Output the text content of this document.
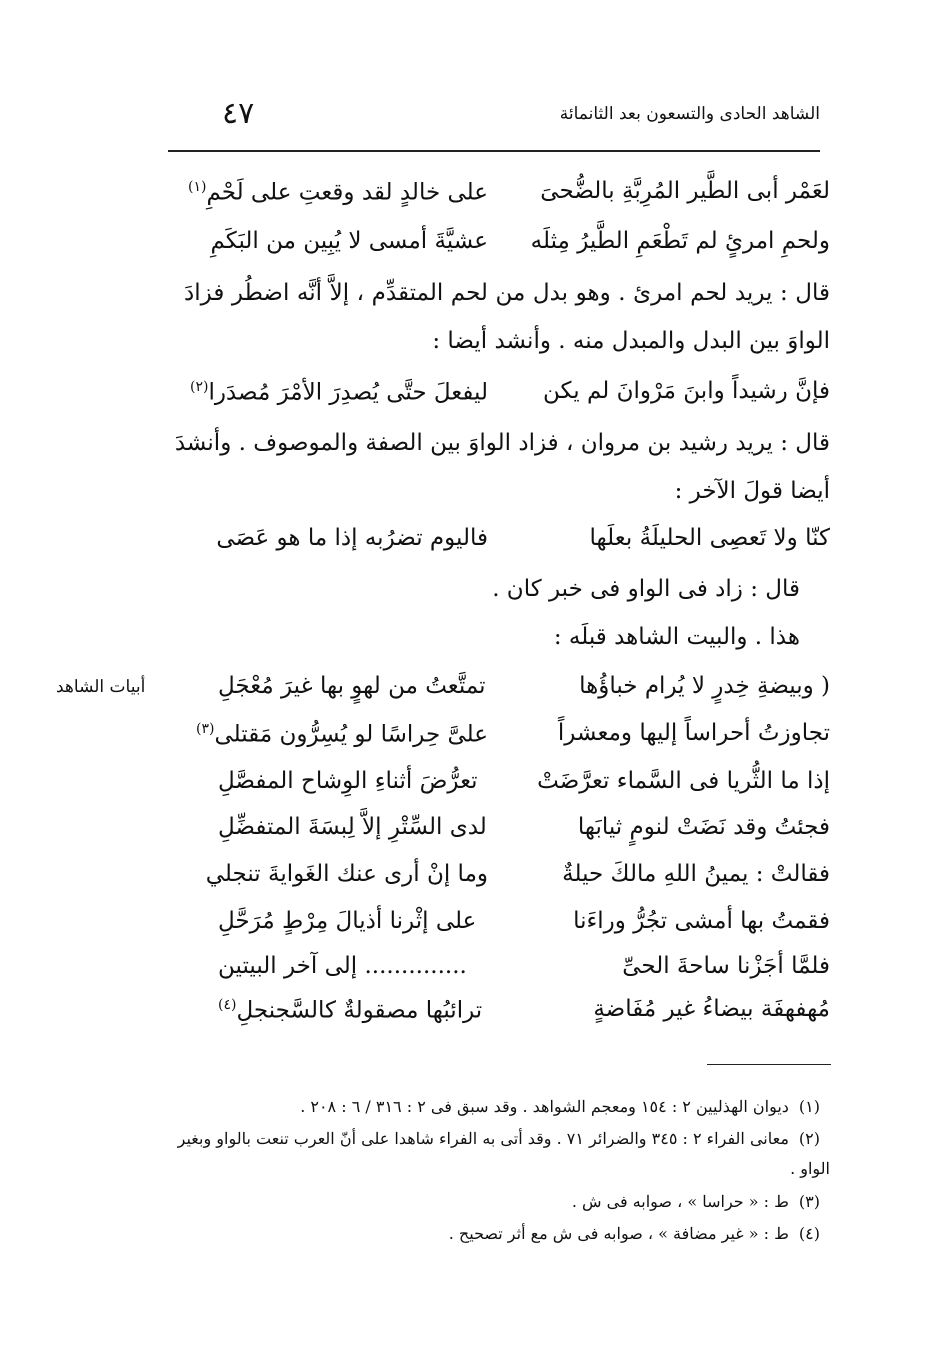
الشاهد الحادى والتسعون بعد الثانمائة
٤٧
لعَمْر أبى الطَّير المُرِبَّةِ بالضُّحىَ
على خالدٍ لقد وقعتِ على لَحْمِ$^{(١)}$
ولحمِ امرئٍ لم تَطْعَمِ الطَّيرُ مِثلَه
عشيَّةَ أمسى لا يُبِين من البَكَمِ
قال : يريد لحم امرئ . وهو بدل من لحم المتقدِّم ، إلاَّ أنَّه اضطُر فزادَ
الواوَ بين البدل والمبدل منه . وأنشد أيضا :
فإنَّ رشيداً وابنَ مَرْوانَ لم يكن
ليفعلَ حتَّى يُصدِرَ الأمْرَ مُصدَرا$^{(٢)}$
قال : يريد رشيد بن مروان ، فزاد الواوَ بين الصفة والموصوف . وأنشدَ
أيضا قولَ الآخر :
كنّا ولا تَعصِى الحليلَةُ بعلَها
فاليوم تضرُبه إذا ما هو عَصَى
قال : زاد فى الواو فى خبر كان .
هذا . والبيت الشاهد قبلَه :
أبيات الشاهد	( وبيضةِ خِدرٍ لا يُرام خباؤُها
تمتَّعتُ من لهوٍ بها غيرَ مُعْجَلِ
تجاوزتُ أحراساً إليها ومعشراً
علىَّ حِراسًا لو يُسِرُّون مَقتلى$^{(٣)}$
إذا ما الثُّريا فى السَّماء تعرَّضَتْ
تعرُّضَ أثناءِ الوِشاح المفصَّلِ
فجئتُ وقد نَضَتْ لنومٍ ثيابَها
لدى السِّتْرِ إلاَّ لِبسَةَ المتفضِّلِ
فقالتْ : يمينُ اللهِ مالكَ حيلةٌ
وما إنْ أرى عنك الغَوايةَ تنجلي
فقمتُ بها أمشى تجُرُّ وراءَنا
على إثْرنا أذيالَ مِرْطٍ مُرَحَّلِ
فلمَّا أجَزْنا ساحةَ الحىِّ
.............. إلى آخر البيتين
مُهفهفَة بيضاءُ غير مُفَاضةٍ
ترائبُها مصقولةٌ كالسَّجنجلِ$^{(٤)}$
(١)ديوان الهذليين ٢ : ١٥٤ ومعجم الشواهد . وقد سبق فى ٢ : ٣١٦ / ٦ : ٢٠٨ .
(٢)معانى الفراء ٢ : ٣٤٥ والضرائر ٧١ . وقد أتى به الفراء شاهدا على أنّ العرب تنعت بالواو وبغير
الواو .
(٣)ط : « حراسا » ، صوابه فى ش .
(٤)ط : « غير مضافة » ، صوابه فى ش مع أثر تصحيح .
